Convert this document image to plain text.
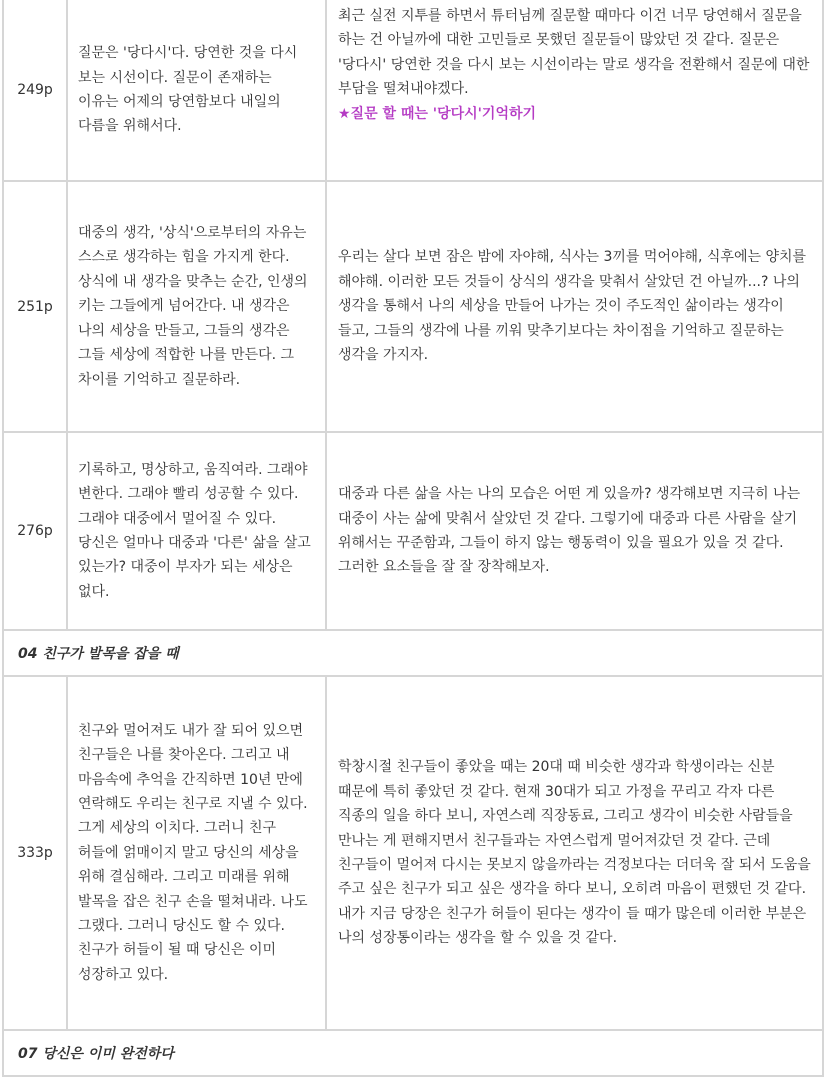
249p
질문은 '당다시'다. 당연한 것을 다시 보는 시선이다. 질문이 존재하는 이유는 어제의 당연함보다 내일의 다름을 위해서다.
최근 실전 지투를 하면서 튜터님께 질문할 때마다 이건 너무 당연해서 질문을 하는 건 아닐까에 대한 고민들로 못했던 질문들이 많았던 것 같다. 질문은 '당다시' 당연한 것을 다시 보는 시선이라는 말로 생각을 전환해서 질문에 대한 부담을 떨쳐내야겠다.
★질문 할 때는 '당다시'기억하기
251p
대중의 생각, '상식'으로부터의 자유는 스스로 생각하는 힘을 가지게 한다. 상식에 내 생각을 맞추는 순간, 인생의 키는 그들에게 넘어간다. 내 생각은 나의 세상을 만들고, 그들의 생각은 그들 세상에 적합한 나를 만든다. 그 차이를 기억하고 질문하라.
우리는 살다 보면 잠은 밤에 자야해, 식사는 3끼를 먹어야해, 식후에는 양치를 해야해. 이러한 모든 것들이 상식의 생각을 맞춰서 살았던 건 아닐까...? 나의 생각을 통해서 나의 세상을 만들어 나가는 것이 주도적인 삶이라는 생각이 들고, 그들의 생각에 나를 끼워 맞추기보다는 차이점을 기억하고 질문하는 생각을 가지자.
276p
기록하고, 명상하고, 움직여라. 그래야 변한다. 그래야 빨리 성공할 수 있다. 그래야 대중에서 멀어질 수 있다. 당신은 얼마나 대중과 '다른' 삶을 살고 있는가? 대중이 부자가 되는 세상은 없다.
대중과 다른 삶을 사는 나의 모습은 어떤 게 있을까? 생각해보면 지극히 나는 대중이 사는 삶에 맞춰서 살았던 것 같다. 그렇기에 대중과 다른 사람을 살기 위해서는 꾸준함과, 그들이 하지 않는 행동력이 있을 필요가 있을 것 같다. 그러한 요소들을 잘 잘 장착해보자.
04 친구가 발목을 잡을 때
333p
친구와 멀어져도 내가 잘 되어 있으면 친구들은 나를 찾아온다. 그리고 내 마음속에 추억을 간직하면 10년 만에 연락해도 우리는 친구로 지낼 수 있다. 그게 세상의 이치다. 그러니 친구 허들에 얽매이지 말고 당신의 세상을 위해 결심해라. 그리고 미래를 위해 발목을 잡은 친구 손을 떨쳐내라. 나도 그랬다. 그러니 당신도 할 수 있다. 친구가 허들이 될 때 당신은 이미 성장하고 있다.
학창시절 친구들이 좋았을 때는 20대 때 비슷한 생각과 학생이라는 신분 때문에 특히 좋았던 것 같다. 현재 30대가 되고 가정을 꾸리고 각자 다른 직종의 일을 하다 보니, 자연스레 직장동료, 그리고 생각이 비슷한 사람들을 만나는 게 편해지면서 친구들과는 자연스럽게 멀어져갔던 것 같다. 근데 친구들이 멀어져 다시는 못보지 않을까라는 걱정보다는 더더욱 잘 되서 도움을 주고 싶은 친구가 되고 싶은 생각을 하다 보니, 오히려 마음이 편했던 것 같다. 내가 지금 당장은 친구가 허들이 된다는 생각이 들 때가 많은데 이러한 부분은 나의 성장통이라는 생각을 할 수 있을 것 같다.
07 당신은 이미 완전하다
